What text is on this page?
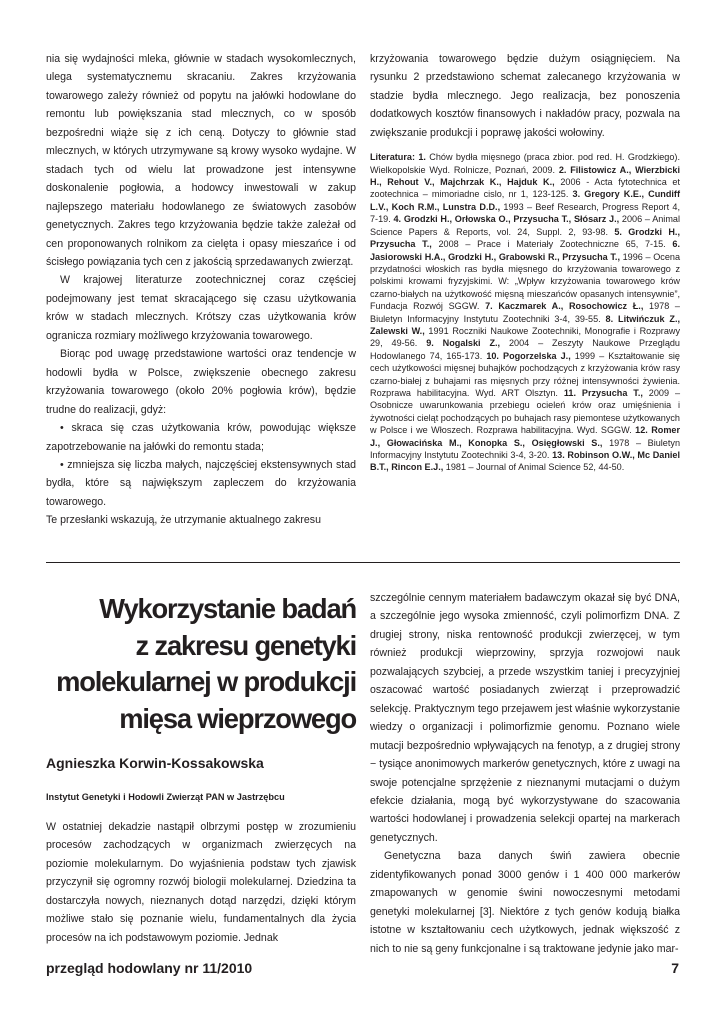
nia się wydajności mleka, głównie w stadach wysokomlecznych, ulega systematycznemu skracaniu. Zakres krzyżowania towarowego zależy również od popytu na jałówki hodowlane do remontu lub powiększania stad mlecznych, co w sposób bezpośredni wiąże się z ich ceną. Dotyczy to głównie stad mlecznych, w których utrzymywane są krowy wysoko wydajne. W stadach tych od wielu lat prowadzone jest intensywne doskonalenie pogłowia, a hodowcy inwestowali w zakup najlepszego materiału hodowlanego ze światowych zasobów genetycznych. Zakres tego krzyżowania będzie także zależał od cen proponowanych rolnikom za cielęta i opasy mieszańce i od ścisłego powiązania tych cen z jakością sprzedawanych zwierząt.

W krajowej literaturze zootechnicznej coraz częściej podejmowany jest temat skracającego się czasu użytkowania krów w stadach mlecznych. Krótszy czas użytkowania krów ogranicza rozmiary możliwego krzyżowania towarowego.

Biorąc pod uwagę przedstawione wartości oraz tendencje w hodowli bydła w Polsce, zwiększenie obecnego zakresu krzyżowania towarowego (około 20% pogłowia krów), będzie trudne do realizacji, gdyż:

• skraca się czas użytkowania krów, powodując większe zapotrzebowanie na jałówki do remontu stada;

• zmniejsza się liczba małych, najczęściej ekstensywnych stad bydła, które są największym zapleczem do krzyżowania towarowego.

Te przesłanki wskazują, że utrzymanie aktualnego zakresu

krzyżowania towarowego będzie dużym osiągnięciem. Na rysunku 2 przedstawiono schemat zalecanego krzyżowania w stadzie bydła mlecznego. Jego realizacja, bez ponoszenia dodatkowych kosztów finansowych i nakładów pracy, pozwala na zwiększanie produkcji i poprawę jakości wołowiny.

Literatura: 1. Chów bydła mięsnego (praca zbior. pod red. H. Grodzkiego). Wielkopolskie Wyd. Rolnicze, Poznań, 2009. 2. Filistowicz A., Wierzbicki H., Rehout V., Majchrzak K., Hajduk K., 2006 - Acta fytotechnica et zootechnica – mimoriadne cislo, nr 1, 123-125. 3. Gregory K.E., Cundiff L.V., Koch R.M., Lunstra D.D., 1993 – Beef Research, Progress Report 4, 7-19. 4. Grodzki H., Orłowska O., Przysucha T., Słósarz J., 2006 – Animal Science Papers & Reports, vol. 24, Suppl. 2, 93-98. 5. Grodzki H., Przysucha T., 2008 – Prace i Materiały Zootechniczne 65, 7-15. 6. Jasiorowski H.A., Grodzki H., Grabowski R., Przysucha T., 1996 – Ocena przydatności włoskich ras bydła mięsnego do krzyżowania towarowego z polskimi krowami fryzyjskimi. W: „Wpływ krzyżowania towarowego krów czarno-białych na użytkowość mięsną mieszańców opasanych intensywnie”, Fundacja Rozwój SGGW. 7. Kaczmarek A., Rosochowicz Ł., 1978 – Biuletyn Informacyjny Instytutu Zootechniki 3-4, 39-55. 8. Litwińczuk Z., Zalewski W., 1991 Roczniki Naukowe Zootechniki, Monografie i Rozprawy 29, 49-56. 9. Nogalski Z., 2004 – Zeszyty Naukowe Przeglądu Hodowlanego 74, 165-173. 10. Pogorzelska J., 1999 – Kształtowanie się cech użytkowości mięsnej buhajków pochodzących z krzyżowania krów rasy czarno-białej z buhajami ras mięsnych przy różnej intensywności żywienia. Rozprawa habilitacyjna. Wyd. ART Olsztyn. 11. Przysucha T., 2009 – Osobnicze uwarunkowania przebiegu ocieleń krów oraz umięśnienia i żywotności cieląt pochodzących po buhajach rasy piemontese użytkowanych w Polsce i we Włoszech. Rozprawa habilitacyjna. Wyd. SGGW. 12. Romer J., Głowacińska M., Konopka S., Osięgłowski S., 1978 – Biuletyn Informacyjny Instytutu Zootechniki 3-4, 3-20. 13. Robinson O.W., Mc Daniel B.T., Rincon E.J., 1981 – Journal of Animal Science 52, 44-50.
Wykorzystanie badań
z zakresu genetyki
molekularnej w produkcji
mięsa wieprzowego
Agnieszka Korwin-Kossakowska
Instytut Genetyki i Hodowli Zwierząt PAN w Jastrzębcu

W ostatniej dekadzie nastąpił olbrzymi postęp w zrozumieniu procesów zachodzących w organizmach zwierzęcych na poziomie molekularnym. Do wyjaśnienia podstaw tych zjawisk przyczynił się ogromny rozwój biologii molekularnej. Dziedzina ta dostarczyła nowych, nieznanych dotąd narzędzi, dzięki którym możliwe stało się poznanie wielu, fundamentalnych dla życia procesów na ich podstawowym poziomie. Jednak

szczególnie cennym materiałem badawczym okazał się być DNA, a szczególnie jego wysoka zmienność, czyli polimorfizm DNA. Z drugiej strony, niska rentowność produkcji zwierzęcej, w tym również produkcji wieprzowiny, sprzyja rozwojowi nauk pozwalających szybciej, a przede wszystkim taniej i precyzyjniej oszacować wartość posiadanych zwierząt i przeprowadzić selekcję. Praktycznym tego przejawem jest właśnie wykorzystanie wiedzy o organizacji i polimorfizmie genomu. Poznano wiele mutacji bezpośrednio wpływających na fenotyp, a z drugiej strony − tysiące anonimowych markerów genetycznych, które z uwagi na swoje potencjalne sprzężenie z nieznanymi mutacjami o dużym efekcie działania, mogą być wykorzystywane do szacowania wartości hodowlanej i prowadzenia selekcji opartej na markerach genetycznych.

Genetyczna baza danych świń zawiera obecnie zidentyfikowanych ponad 3000 genów i 1 400 000 markerów zmapowanych w genomie świni nowoczesnymi metodami genetyki molekularnej [3]. Niektóre z tych genów kodują białka istotne w kształtowaniu cech użytkowych, jednak większość z nich to nie są geny funkcjonalne i są traktowane jedynie jako mar-

przegląd hodowlany nr 11/2010	7
